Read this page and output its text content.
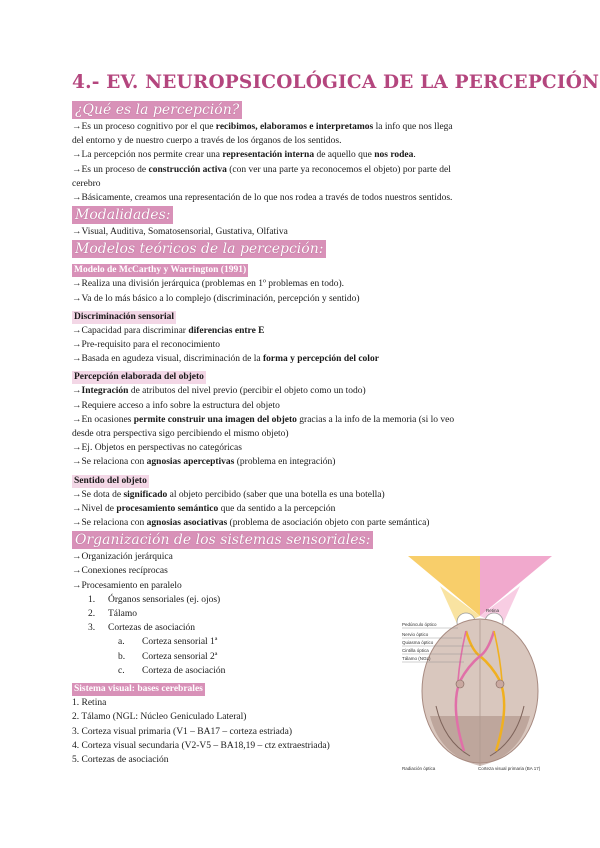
4.- EV. NEUROPSICOLÓGICA DE LA PERCEPCIÓN
¿Qué es la percepción?

→Es un proceso cognitivo por el que recibimos, elaboramos e interpretamos la info que nos llega

del entorno y de nuestro cuerpo a través de los órganos de los sentidos.

→La percepción nos permite crear una representación interna de aquello que nos rodea.

→Es un proceso de construcción activa (con ver una parte ya reconocemos el objeto) por parte del

cerebro

→Básicamente, creamos una representación de lo que nos rodea a través de todos nuestros sentidos.

Modalidades:

→Visual, Auditiva, Somatosensorial, Gustativa, Olfativa

Modelos teóricos de la percepción:
Modelo de McCarthy y Warrington (1991)

→Realiza una división jerárquica (problemas en 1º problemas en todo).

→Va de lo más básico a lo complejo (discriminación, percepción y sentido)

Discriminación sensorial

→Capacidad para discriminar diferencias entre E

→Pre-requisito para el reconocimiento

→Basada en agudeza visual, discriminación de la forma y percepción del color

Percepción elaborada del objeto

→Integración de atributos del nivel previo (percibir el objeto como un todo)

→Requiere acceso a info sobre la estructura del objeto

→En ocasiones permite construir una imagen del objeto gracias a la info de la memoria (si lo veo

desde otra perspectiva sigo percibiendo el mismo objeto)

→Ej. Objetos en perspectivas no categóricas

→Se relaciona con agnosias aperceptivas (problema en integración)

Sentido del objeto

→Se dota de significado al objeto percibido (saber que una botella es una botella)

→Nivel de procesamiento semántico que da sentido a la percepción

→Se relaciona con agnosias asociativas (problema de asociación objeto con parte semántica)

Organización de los sistemas sensoriales:

→Organización jerárquica

→Conexiones recíprocas

→Procesamiento en paralelo

1. Órganos sensoriales (ej. ojos)

2. Tálamo

3. Cortezas de asociación

a. Corteza sensorial 1ª

b. Corteza sensorial 2ª

c. Corteza de asociación

Sistema visual: bases cerebrales

1. Retina

2. Tálamo (NGL: Núcleo Geniculado Lateral)

3. Corteza visual primaria (V1 – BA17 – corteza estriada)

4. Corteza visual secundaria (V2-V5 – BA18,19 – ctz extraestriada)

5. Cortezas de asociación

Pedúnculo óptico
Nervio óptico
Quiasma óptico
Cintilla óptica
Tálamo (NGL)
Retina
Radiación óptica	Corteza visual primaria (BA 17)
